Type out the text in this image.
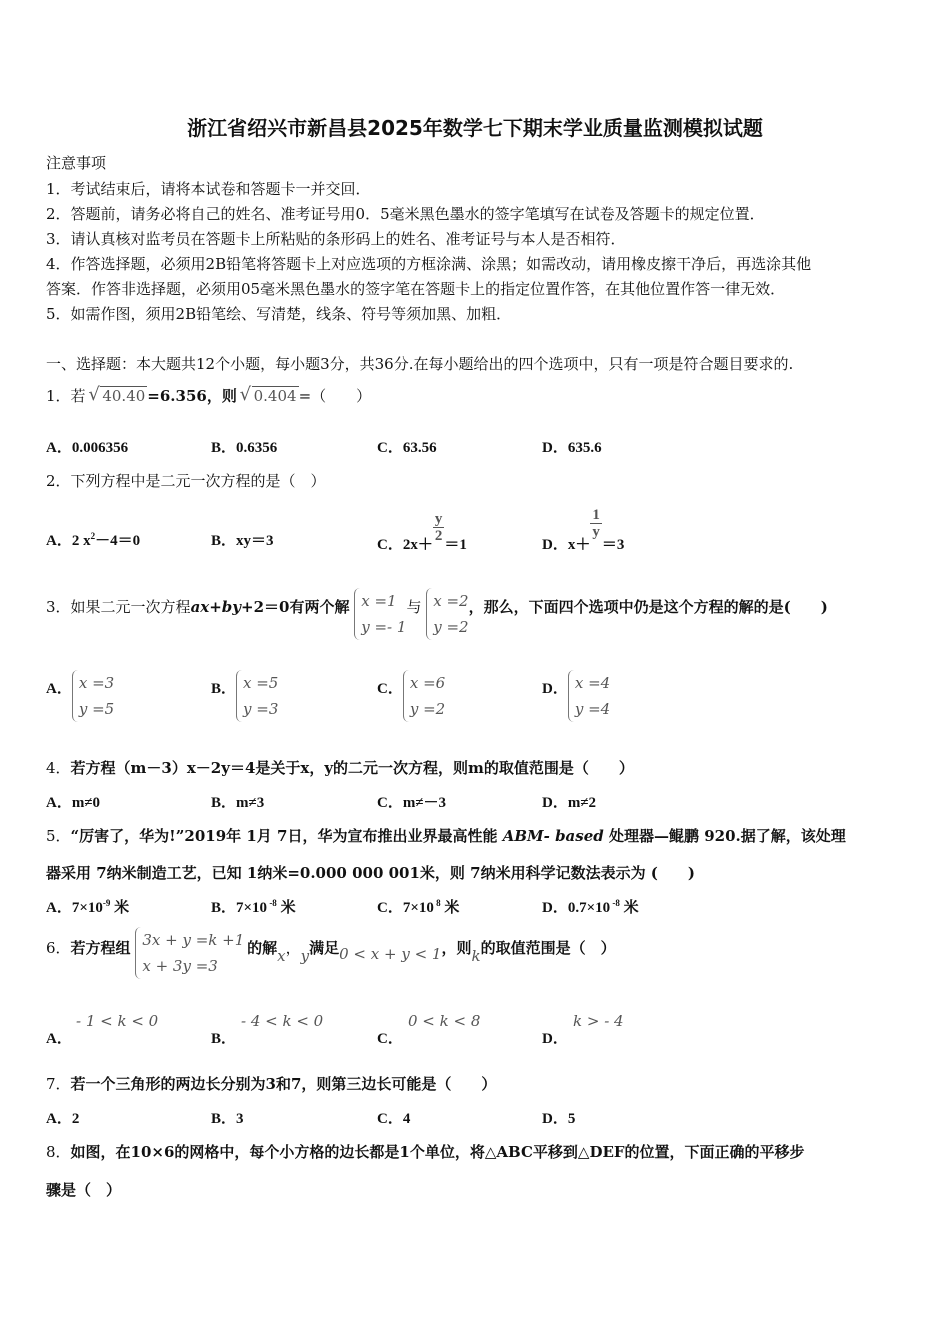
浙江省绍兴市新昌县2025年数学七下期末学业质量监测模拟试题
注意事项
1．考试结束后，请将本试卷和答题卡一并交回．
2．答题前，请务必将自己的姓名、准考证号用0．5毫米黑色墨水的签字笔填写在试卷及答题卡的规定位置．
3．请认真核对监考员在答题卡上所粘贴的条形码上的姓名、准考证号与本人是否相符．
4．作答选择题，必须用2B铅笔将答题卡上对应选项的方框涂满、涂黑；如需改动，请用橡皮擦干净后，再选涂其他
答案．作答非选择题，必须用05毫米黑色墨水的签字笔在答题卡上的指定位置作答，在其他位置作答一律无效．
5．如需作图，须用2B铅笔绘、写清楚，线条、符号等须加黑、加粗．
一、选择题：本大题共12个小题，每小题3分，共36分.在每小题给出的四个选项中，只有一项是符合题目要求的.
1．若 √ 40.40 =6.356，则 √ 0.404 =（　　）
A．0.006356	B．0.6356	C．63.56	D．635.6
2．下列方程中是二元一次方程的是（　）
A．2 $x^2-4=0$	B．xy＝3	C．2x＋
$\frac{y}{2}$
＝1	D．x＋
$\frac{1}{y}$
＝3
3．如果二元一次方程ax+by+2＝0有两个解 x =1
y =- 1
与 x =2
y =2
，那么，下面四个选项中仍是这个方程的解的是(　　)
A． x =3
y =5
B． x =5
y =3
C． x =6
y =2
D． x =4
y =4
4．若方程（m－3）x－2y＝4是关于x，y的二元一次方程，则m的取值范围是（　　）
A．m≠0	B．m≠3	C．m≠－3	D．m≠2
5．“厉害了，华为!”2019年 1月 7日，华为宣布推出业界最高性能 ABM- based 处理器—鲲鹏 920.据了解，该处理
器采用 7纳米制造工艺，已知 1纳米=0.000 000 001米，则 7纳米用科学记数法表示为 (　　)
A．$7\times 10^{-9}$ 米	B．7×10 $^{-8}$ 米	C．7×10 $^8$ 米	D．0.7×10 $^{-8}$ 米
6．若方程组 3x + y =k +1
x + 3y =3
的解x，y满足0 < x + y < 1，则k的取值范围是（　）
A．
- 1 < k < 0
B．
- 4 < k < 0
C．
0 < k < 8
D．
k > - 4
7．若一个三角形的两边长分别为3和7，则第三边长可能是（　　）
A．2	B．3	C．4	D．5
8．如图，在10×6的网格中，每个小方格的边长都是1个单位，将△ABC平移到△DEF的位置，下面正确的平移步
骤是（　）
